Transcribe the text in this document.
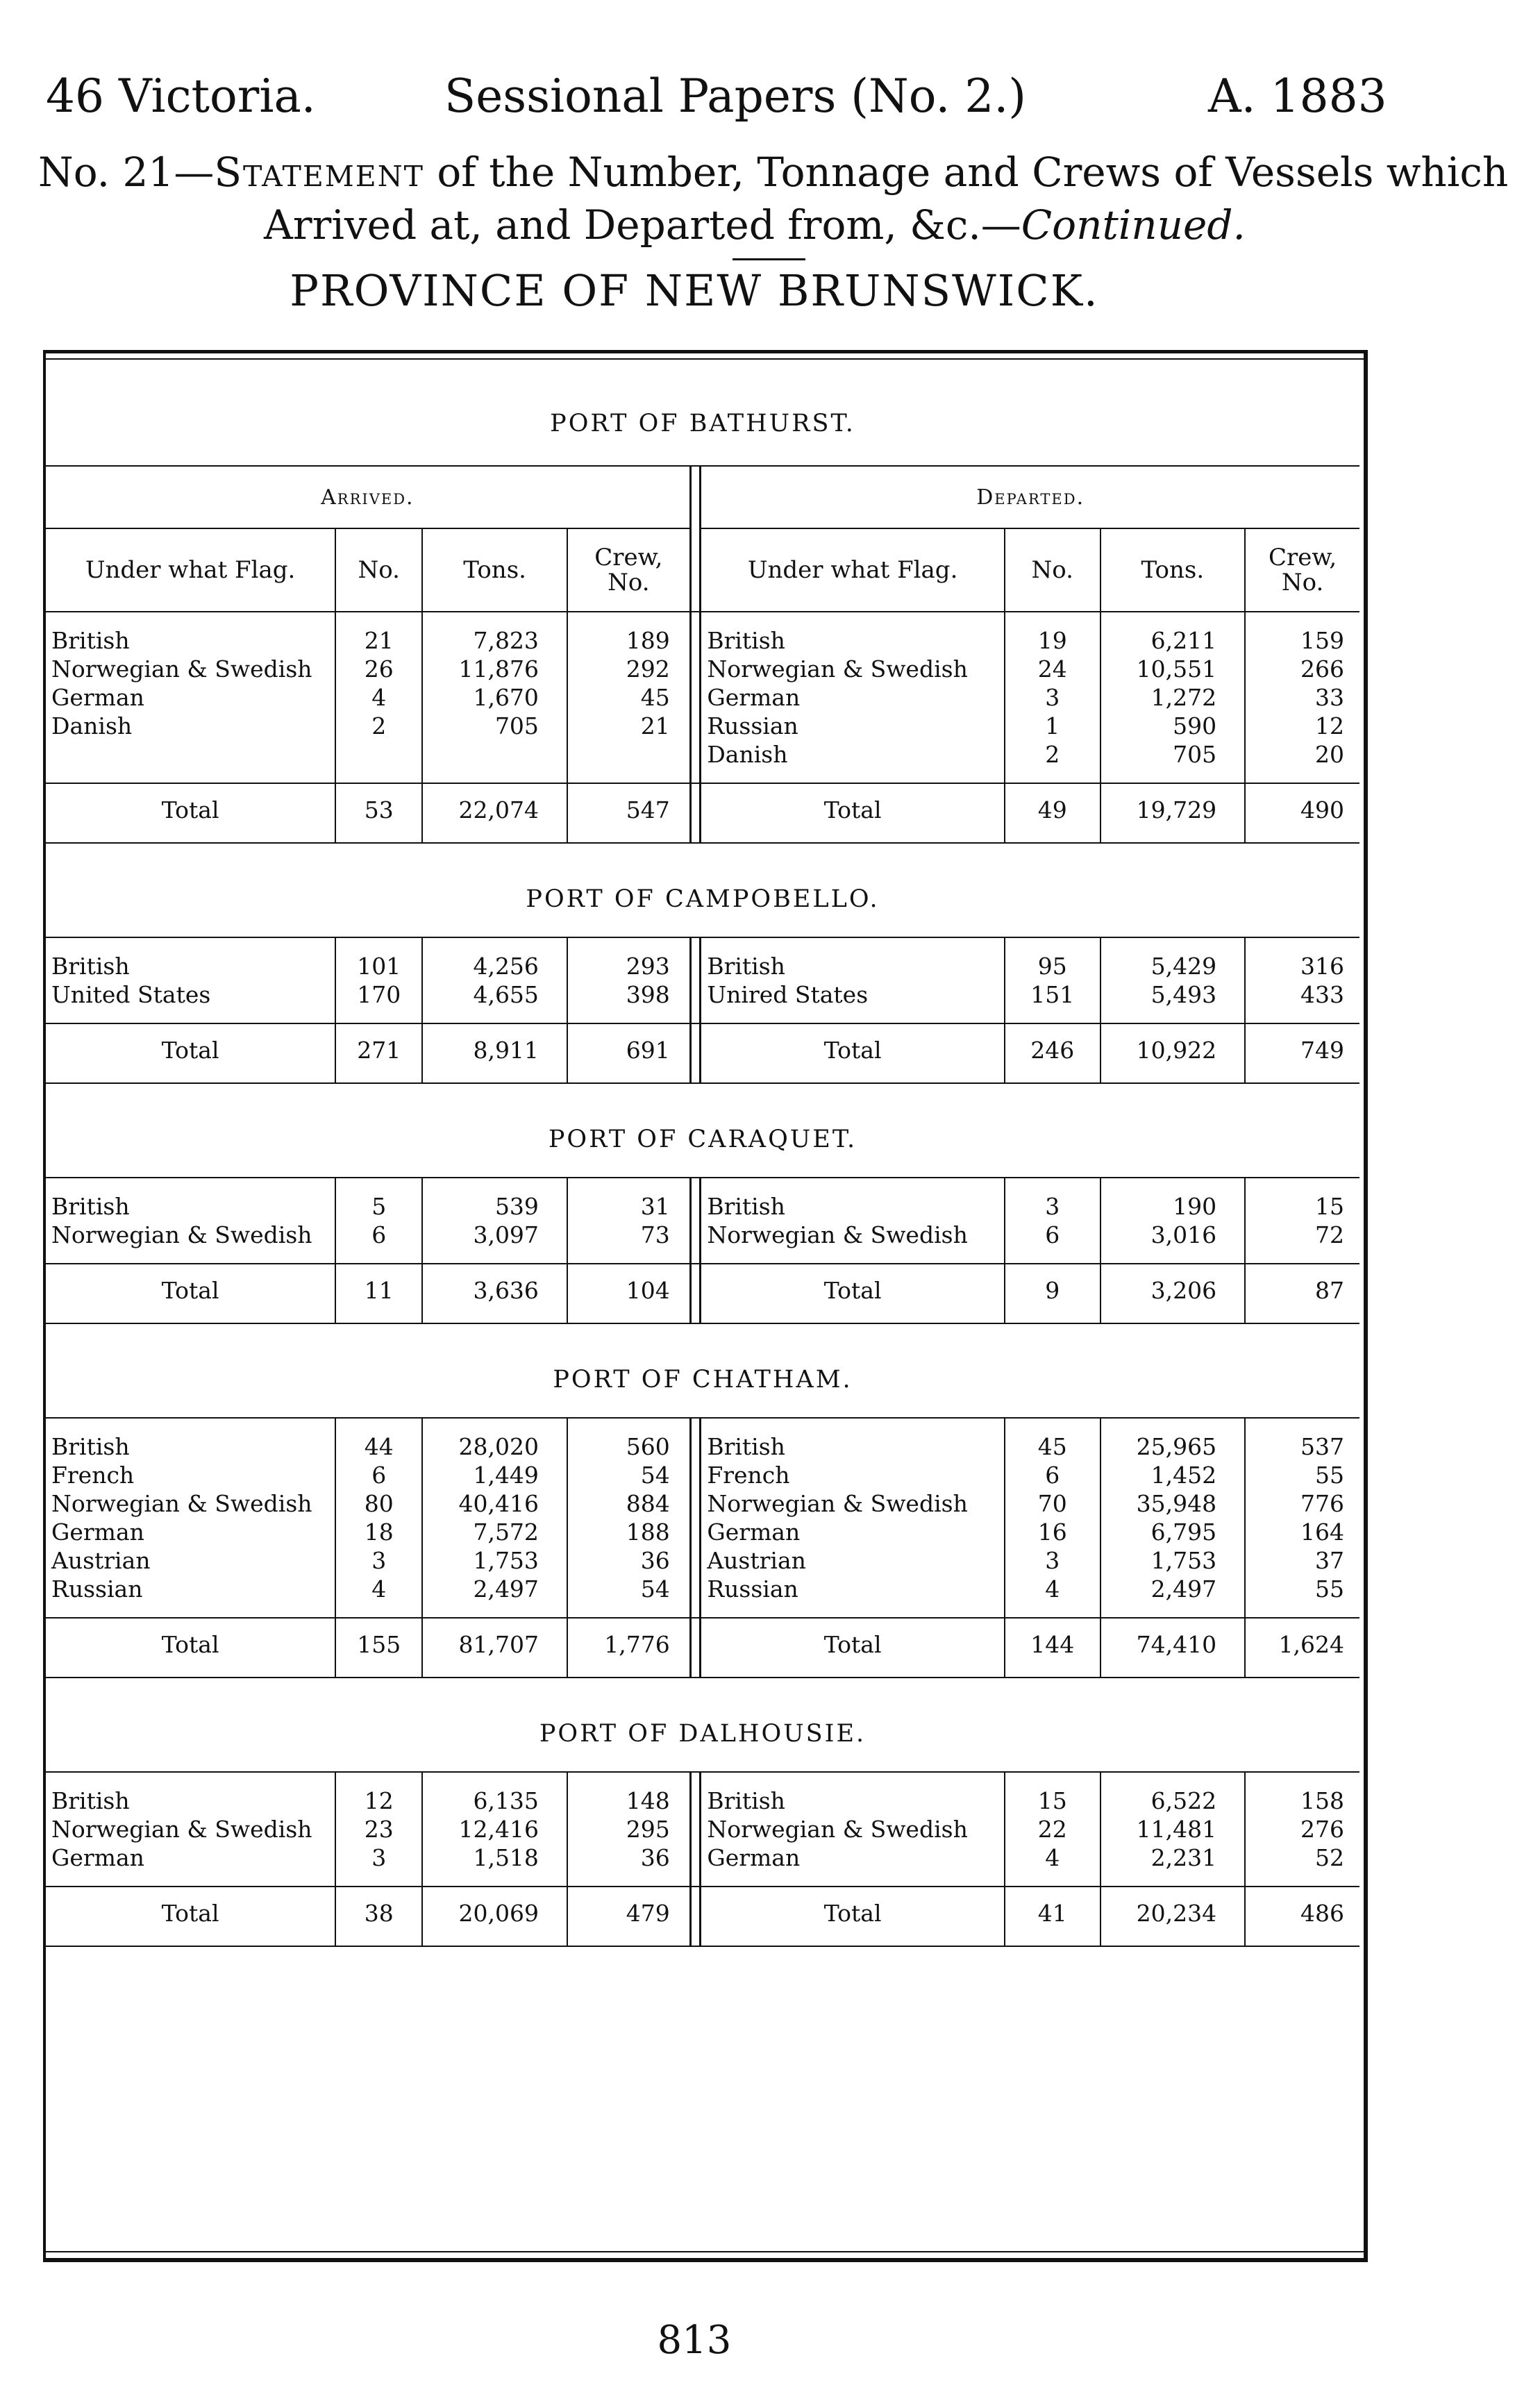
46 Victoria.	Sessional Papers (No. 2.)	A. 1883
No. 21—Statement of the Number, Tonnage and Crews of Vessels which
Arrived at, and Departed from, &c.—Continued.
PROVINCE OF NEW BRUNSWICK.
PORT OF BATHURST.								
Arrived.					Departed.			
Under what Flag.	No.	Tons.	Crew, No.		Under what Flag.	No.	Tons.	Crew, No.

British	21	7,823	189		British	19	6,211	159
Norwegian & Swedish	26	11,876	292		Norwegian & Swedish	24	10,551	266
German	4	1,670	45		German	3	1,272	33
Danish	2	705	21		Russian	1	590	12
					Danish	2	705	20

Total	53	22,074	547		Total	49	19,729	490

PORT OF CAMPOBELLO.								

British	101	4,256	293		British	95	5,429	316
United States	170	4,655	398		Unired States	151	5,493	433

Total	271	8,911	691		Total	246	10,922	749

PORT OF CARAQUET.								

British	5	539	31		British	3	190	15
Norwegian & Swedish	6	3,097	73		Norwegian & Swedish	6	3,016	72

Total	11	3,636	104		Total	9	3,206	87

PORT OF CHATHAM.								

British	44	28,020	560		British	45	25,965	537
French	6	1,449	54		French	6	1,452	55
Norwegian & Swedish	80	40,416	884		Norwegian & Swedish	70	35,948	776
German	18	7,572	188		German	16	6,795	164
Austrian	3	1,753	36		Austrian	3	1,753	37
Russian	4	2,497	54		Russian	4	2,497	55

Total	155	81,707	1,776		Total	144	74,410	1,624

PORT OF DALHOUSIE.								

British	12	6,135	148		British	15	6,522	158
Norwegian & Swedish	23	12,416	295		Norwegian & Swedish	22	11,481	276
German	3	1,518	36		German	4	2,231	52

Total	38	20,069	479		Total	41	20,234	486

813
